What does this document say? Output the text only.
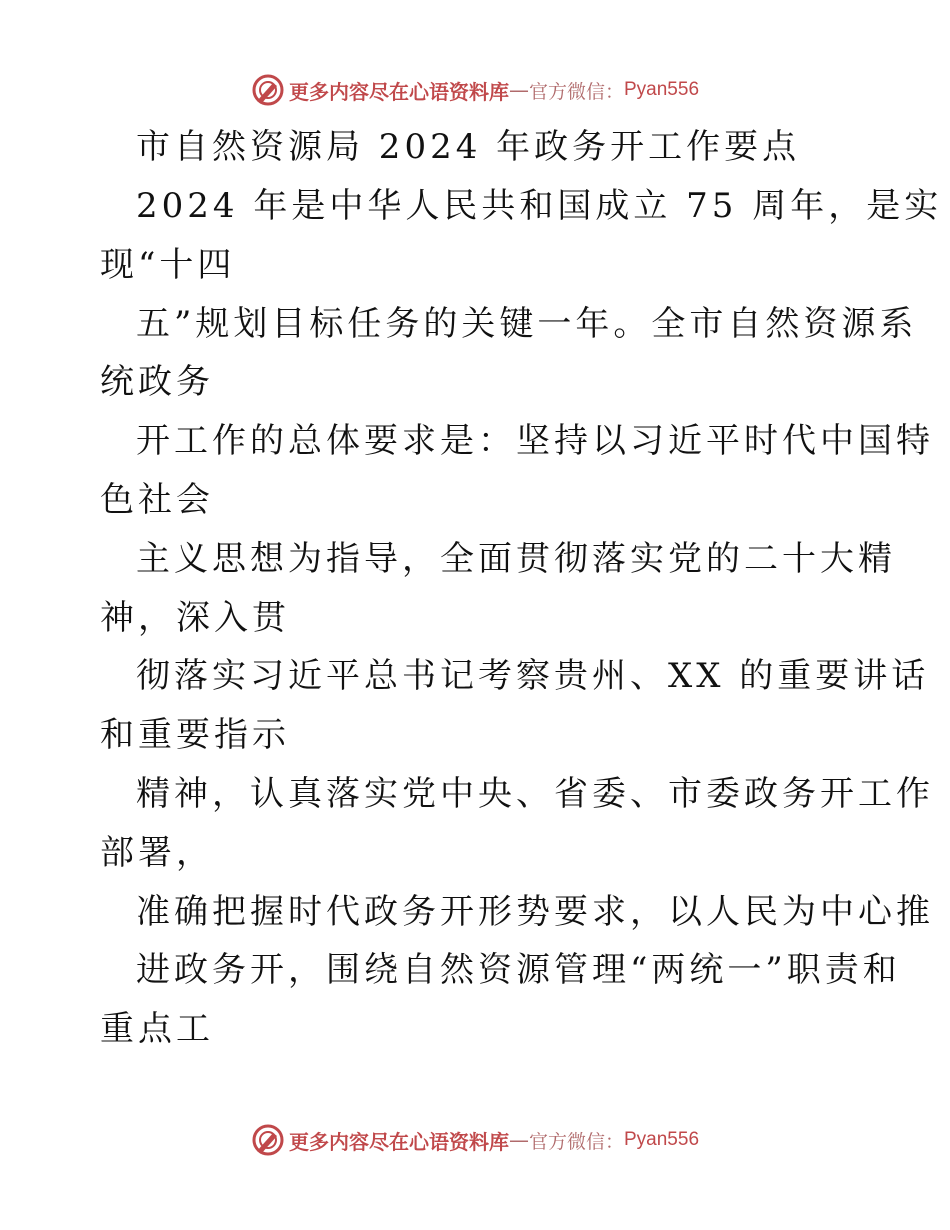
更多内容尽在心语资料库 — 官方微信： Pyan556
市自然资源局 2024 年政务开工作要点
2024 年是中华人民共和国成立 75 周年，是实
现“十四
五”规划目标任务的关键一年。全市自然资源系
统政务
开工作的总体要求是：坚持以习近平时代中国特
色社会
主义思想为指导，全面贯彻落实党的二十大精
神，深入贯
彻落实习近平总书记考察贵州、XX 的重要讲话
和重要指示
精神，认真落实党中央、省委、市委政务开工作
部署，
准确把握时代政务开形势要求，以人民为中心推
进政务开，围绕自然资源管理“两统一”职责和
重点工
更多内容尽在心语资料库 — 官方微信： Pyan556
